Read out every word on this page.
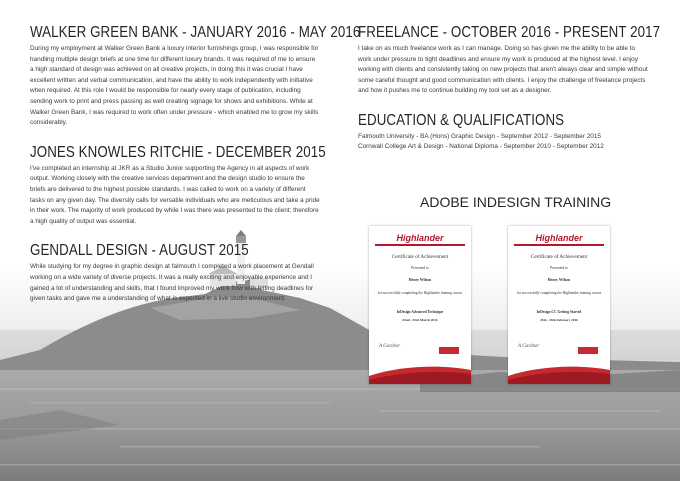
WALKER GREEN BANK - JANUARY 2016 - MAY 2016

During my employment at Walker Green Bank a luxury interior furnishings group, I was responsible for handling multiple design briefs at one time for different luxury brands. It was required of me to ensure a high standard of design was achieved on all creative projects, in doing this it was crucial I have excellent written and verbal communication, and have the ability to work independently with initiative when required. At this role I would be responsible for nearly every stage of publication, including sending work to print and press passing as well creating signage for shows and exhibitions. While at Walker Green Bank, I was required to work often under pressure - which enabled me to grow my skills considerably.

JONES KNOWLES RITCHIE - DECEMBER 2015

I've completed an internship at JKR as a Studio Junior supporting the Agency in all aspects of work output. Working closely with the creative services department and the design studio to ensure the briefs are delivered to the highest possible standards. I was called to work on a variety of different tasks on any given day. The diversity calls for versatile individuals who are meticulous and take a pride in their work. The majority of work produced by while I was there was presented to the client; therefore a high quality of output was essential.

GENDALL DESIGN - AUGUST 2015

While studying for my degree in graphic design at falmouth I completed a work placement at Gendall working on a wide variety of diverse projects. It was a really exciting and enjoyable experience and I gained a lot of understanding and skills, that I found improved my work flow with hitting deadlines for given tasks and gave me a understanding of what is expected in a live studio environment.

FREELANCE - OCTOBER 2016 - PRESENT 2017

I take on as much freelance work as I can manage. Doing so has given me the ability to be able to work under pressure to tight deadlines and ensure my work is produced at the highest level. I enjoy working with clients and consistently taking on new projects that aren't always clear and simple without some careful thought and good communication with clients. I enjoy the challenge of freelance projects and how it pushes me to continue building my tool set as a designer.

EDUCATION & QUALIFICATIONS
Falmouth University - BA (Hons) Graphic Design - September 2012 - September 2015
Cornwall College Art & Design - National Diploma - September 2010 - September 2012
ADOBE INDESIGN TRAINING
Highlander
Certificate of Achievement
Presented to
Henry Wilson
for successfully completing the Highlander training course
InDesign Advanced Technique
02nd - 03rd March 2016
A Gardner
Highlander
Certificate of Achievement
Presented to
Henry Wilson
for successfully completing the Highlander training course
InDesign CC Getting Started
25th - 26th February 2016
A Gardner
